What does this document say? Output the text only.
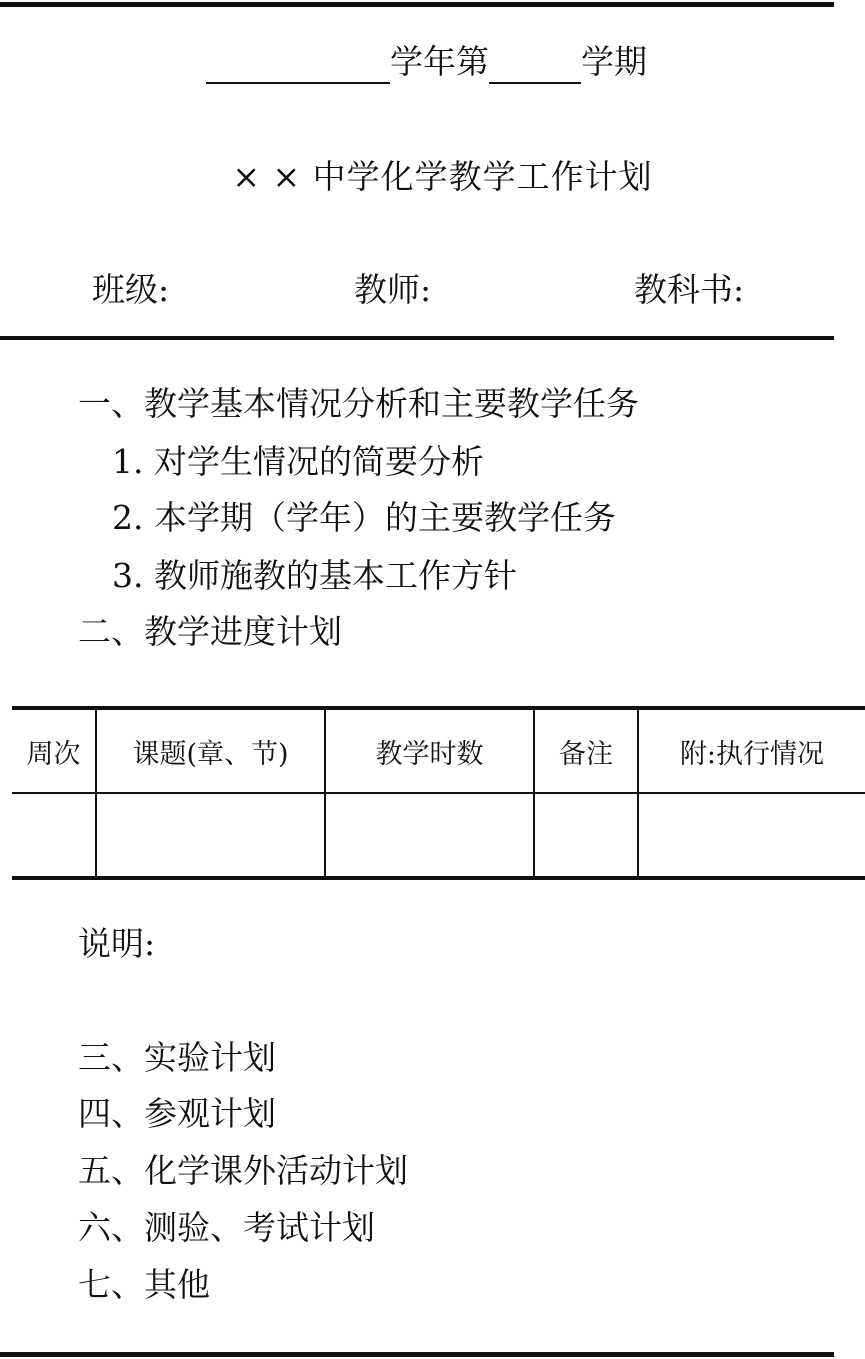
学年第	学期
× × 中学化学教学工作计划
班级:	教师:	教科书:
一、教学基本情况分析和主要教学任务
1. 对学生情况的简要分析
2. 本学期（学年）的主要教学任务
3. 教师施教的基本工作方针
二、教学进度计划
周次	课题(章、节)	教学时数	备注	附:执行情况

说明:
三、实验计划
四、参观计划
五、化学课外活动计划
六、测验、考试计划
七、其他
